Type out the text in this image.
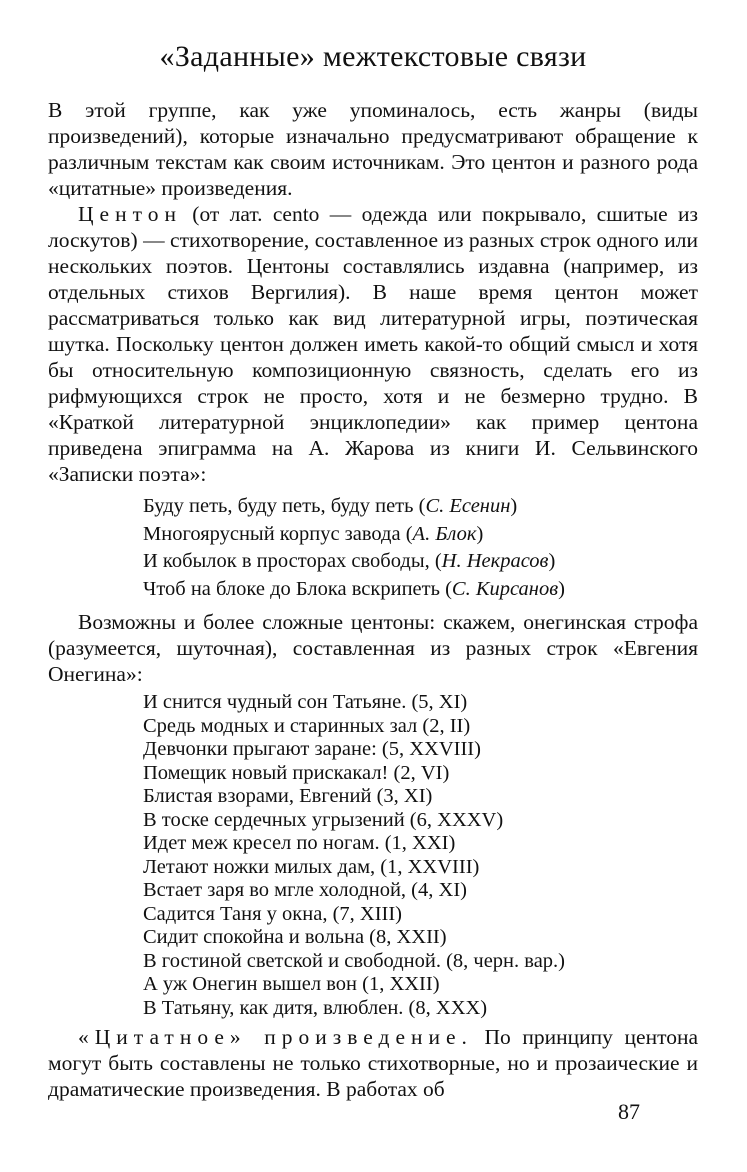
«Заданные» межтекстовые связи

В этой группе, как уже упоминалось, есть жанры (виды произведений), которые изначально предусматривают обращение к различным текстам как своим источникам. Это центон и разного рода «цитатные» произведения.

Центон (от лат. cento — одежда или покрывало, сшитые из лоскутов) — стихотворение, составленное из разных строк одного или нескольких поэтов. Центоны составлялись издавна (например, из отдельных стихов Вергилия). В наше время центон может рассматриваться только как вид литературной игры, поэтическая шутка. Поскольку центон должен иметь какой-то общий смысл и хотя бы относительную композиционную связность, сделать его из рифмующихся строк не просто, хотя и не безмерно трудно. В «Краткой литературной энциклопедии» как пример центона приведена эпиграмма на А. Жарова из книги И. Сельвинского «Записки поэта»:

Буду петь, буду петь, буду петь (С. Есенин)
Многоярусный корпус завода (А. Блок)
И кобылок в просторах свободы, (Н. Некрасов)
Чтоб на блоке до Блока вскрипеть (С. Кирсанов)

Возможны и более сложные центоны: скажем, онегинская строфа (разумеется, шуточная), составленная из разных строк «Евгения Онегина»:

И снится чудный сон Татьяне. (5, XI)
Средь модных и старинных зал (2, II)
Девчонки прыгают заране: (5, XXVIII)
Помещик новый прискакал! (2, VI)
Блистая взорами, Евгений (3, XI)
В тоске сердечных угрызений (6, XXXV)
Идет меж кресел по ногам. (1, XXI)
Летают ножки милых дам, (1, XXVIII)
Встает заря во мгле холодной, (4, XI)
Садится Таня у окна, (7, XIII)
Сидит спокойна и вольна (8, XXII)
В гостиной светской и свободной. (8, черн. вар.)
А уж Онегин вышел вон (1, XXII)
В Татьяну, как дитя, влюблен. (8, XXX)

«Цитатное» произведение. По принципу центона могут быть составлены не только стихотворные, но и прозаические и драматические произведения. В работах об

87
